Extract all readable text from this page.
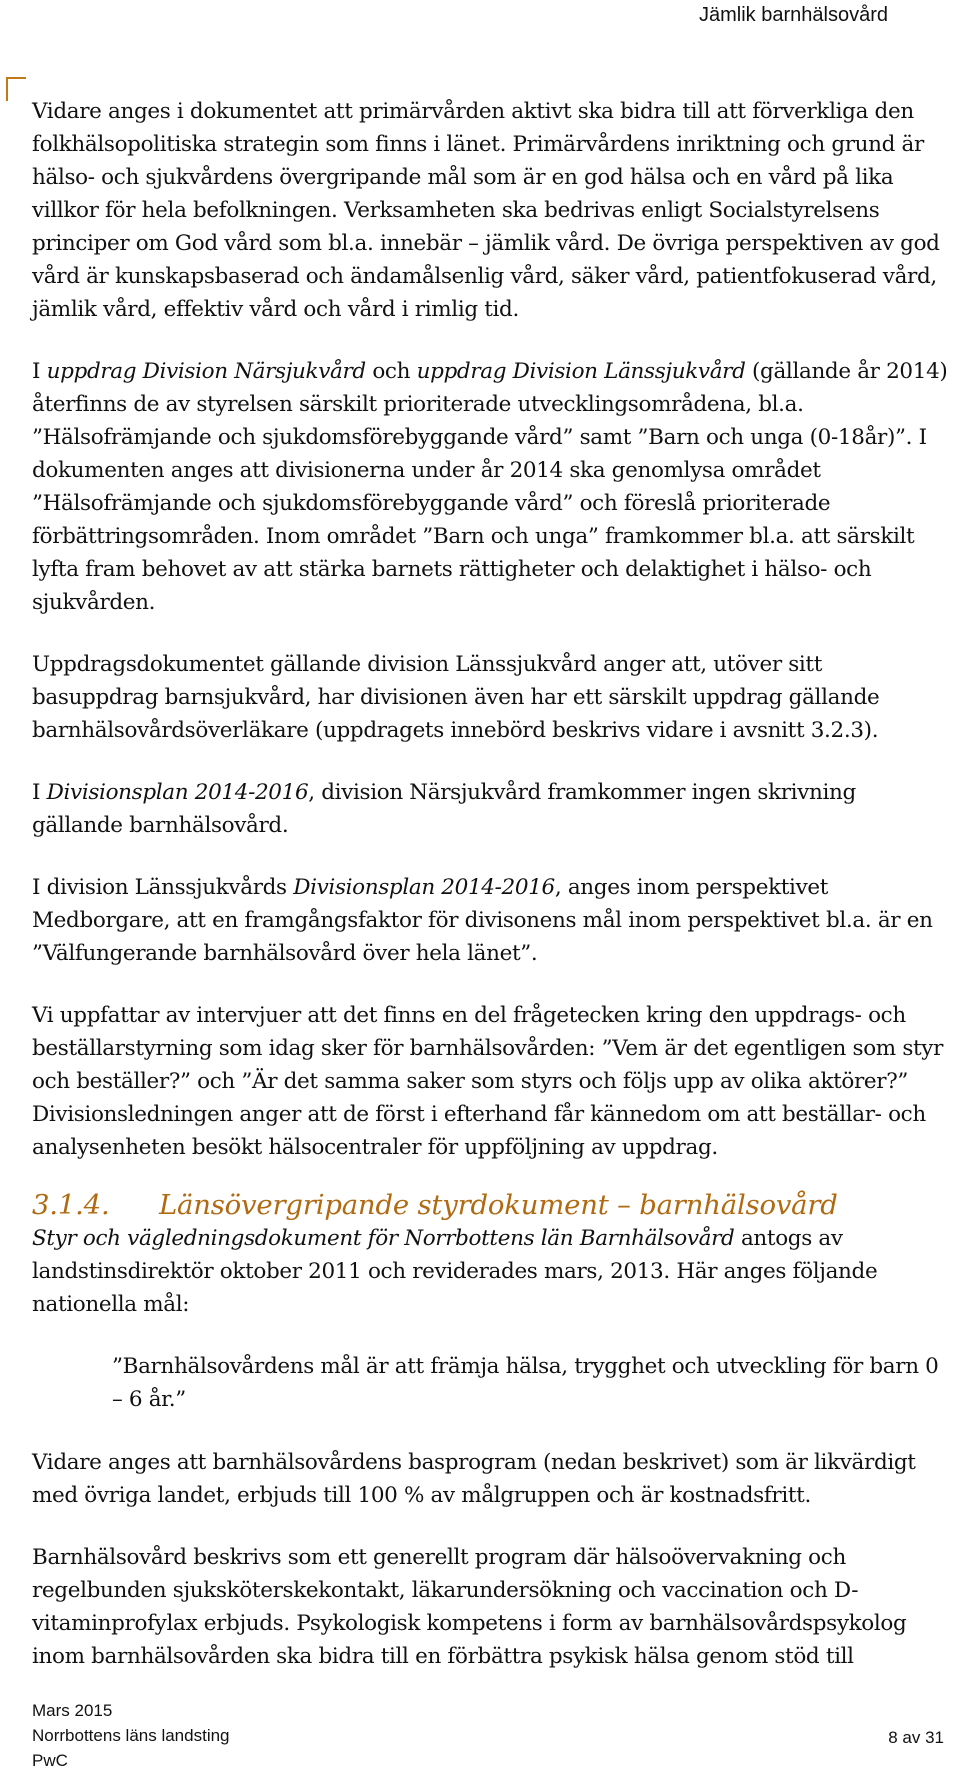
Jämlik barnhälsovård

Vidare anges i dokumentet att primärvården aktivt ska bidra till att förverkliga den folkhälsopolitiska strategin som finns i länet. Primärvårdens inriktning och grund är hälso- och sjukvårdens övergripande mål som är en god hälsa och en vård på lika villkor för hela befolkningen. Verksamheten ska bedrivas enligt Socialstyrelsens principer om God vård som bl.a. innebär – jämlik vård. De övriga perspektiven av god vård är kunskapsbaserad och ändamålsenlig vård, säker vård, patientfokuserad vård, jämlik vård, effektiv vård och vård i rimlig tid.

I uppdrag Division Närsjukvård och uppdrag Division Länssjukvård (gällande år 2014) återfinns de av styrelsen särskilt prioriterade utvecklingsområdena, bl.a. ”Hälsofrämjande och sjukdomsförebyggande vård” samt ”Barn och unga (0-18år)”. I dokumenten anges att divisionerna under år 2014 ska genomlysa området ”Hälsofrämjande och sjukdomsförebyggande vård” och föreslå prioriterade förbättringsområden. Inom området ”Barn och unga” framkommer bl.a. att särskilt lyfta fram behovet av att stärka barnets rättigheter och delaktighet i hälso- och sjukvården.

Uppdragsdokumentet gällande division Länssjukvård anger att, utöver sitt basuppdrag barnsjukvård, har divisionen även har ett särskilt uppdrag gällande barnhälsovårdsöverläkare (uppdragets innebörd beskrivs vidare i avsnitt 3.2.3).

I Divisionsplan 2014-2016, division Närsjukvård framkommer ingen skrivning gällande barnhälsovård.

I division Länssjukvårds Divisionsplan 2014-2016, anges inom perspektivet Medborgare, att en framgångsfaktor för divisonens mål inom perspektivet bl.a. är en ”Välfungerande barnhälsovård över hela länet”.

Vi uppfattar av intervjuer att det finns en del frågetecken kring den uppdrags- och beställarstyrning som idag sker för barnhälsovården: ”Vem är det egentligen som styr och beställer?” och ”Är det samma saker som styrs och följs upp av olika aktörer?” Divisionsledningen anger att de först i efterhand får kännedom om att beställar- och analysenheten besökt hälsocentraler för uppföljning av uppdrag.

3.1.4. Länsövergripande styrdokument – barnhälsovård

Styr och vägledningsdokument för Norrbottens län Barnhälsovård antogs av landstinsdirektör oktober 2011 och reviderades mars, 2013. Här anges följande nationella mål:

”Barnhälsovårdens mål är att främja hälsa, trygghet och utveckling för barn 0 – 6 år.”

Vidare anges att barnhälsovårdens basprogram (nedan beskrivet) som är likvärdigt med övriga landet, erbjuds till 100 % av målgruppen och är kostnadsfritt.

Barnhälsovård beskrivs som ett generellt program där hälsoövervakning och regelbunden sjuksköterskekontakt, läkarundersökning och vaccination och D-vitaminprofylax erbjuds. Psykologisk kompetens i form av barnhälsovårdspsykolog inom barnhälsovården ska bidra till en förbättra psykisk hälsa genom stöd till

Mars 2015
Norrbottens läns landsting
PwC
8 av 31
